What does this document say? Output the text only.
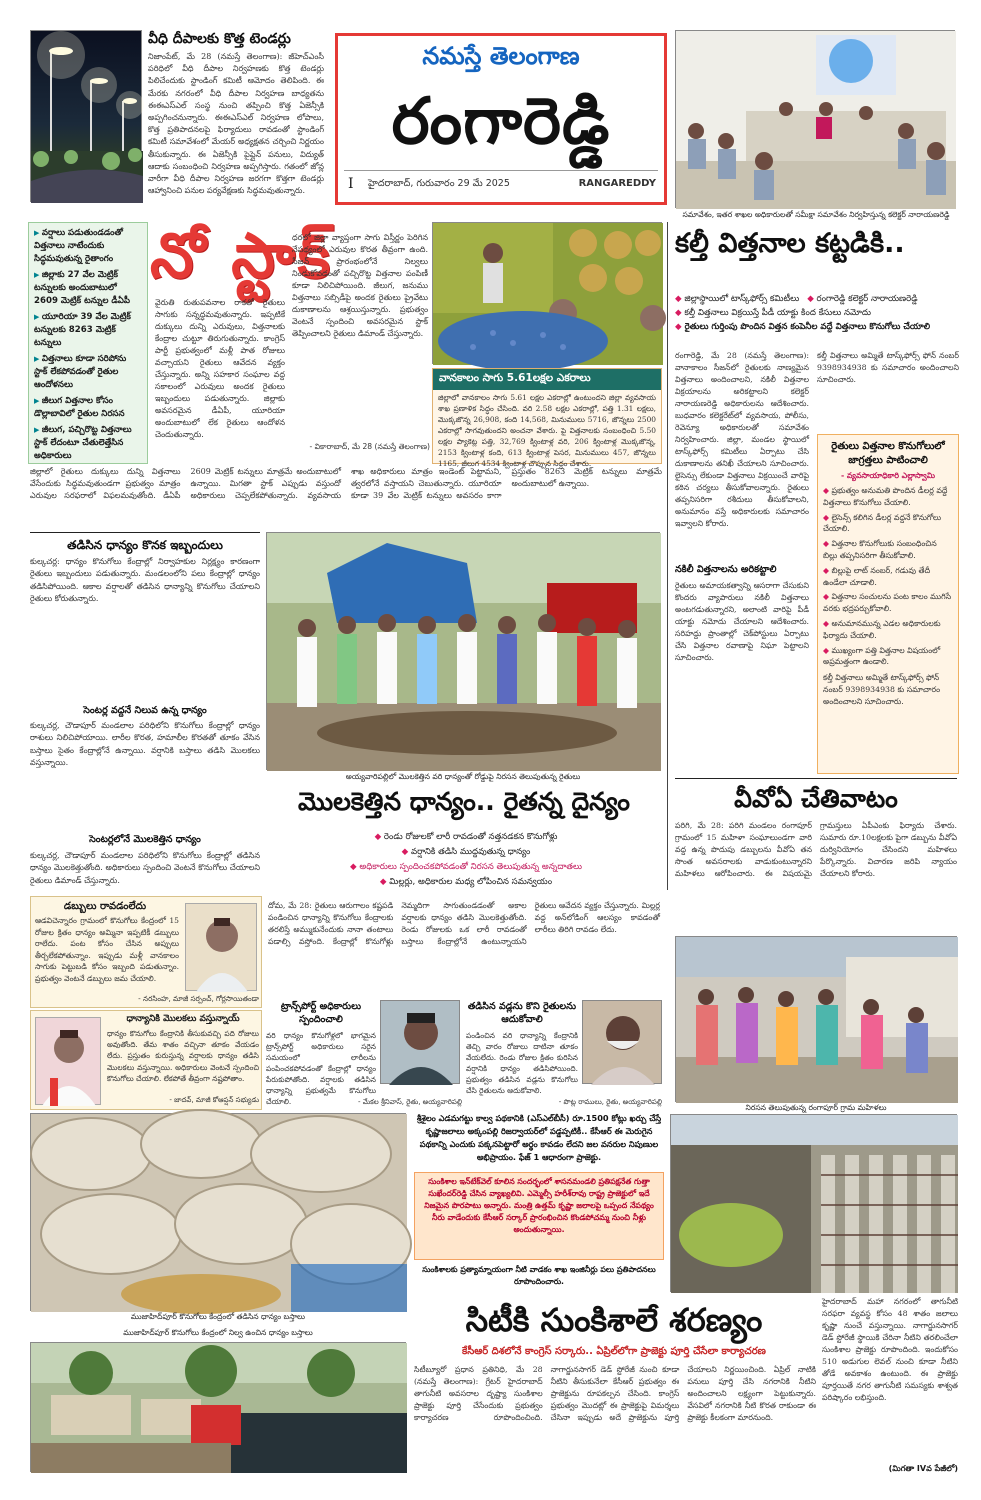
వీధి దీపాలకు కొత్త టెండర్లు
నిజాంపేట్, మే 28 (నమస్తే తెలంగాణ): జీహెచ్ఎంసీ పరిధిలో వీధి దీపాల నిర్వహణకు కొత్త టెండర్లు పిలిచేందుకు స్టాండింగ్ కమిటీ ఆమోదం తెలిపింది. ఈ మేరకు నగరంలో వీధి దీపాల నిర్వహణ బాధ్యతను ఈఈఎస్ఎల్ సంస్థ నుంచి తప్పించి కొత్త ఏజెన్సీకి అప్పగించనున్నారు. ఈఈఎస్ఎల్ నిర్వహణ లోపాలు, కొత్త ప్రతిపాదనలపై ఫిర్యాదులు రావడంతో స్టాండింగ్ కమిటీ సమావేశంలో మేయర్ అధ్యక్షతన చర్చించి నిర్ణయం తీసుకున్నారు. ఈ ఏజెన్సీకి పైప్లైన్ పనులు, విద్యుత్ ఆదాకు సంబంధించి నిర్వహణ అప్పగిస్తారు. గతంలో జోన్ల వారీగా వీధి దీపాల నిర్వహణ జరగగా కొత్తగా టెండర్లు ఆహ్వానించి పనుల పర్యవేక్షణకు సిద్ధమవుతున్నారు.
నమస్తే తెలంగాణ
రంగారెడ్డి
I హైదరాబాద్, గురువారం 29 మే 2025	RANGAREDDY
సమావేశం, ఇతర శాఖల అధికారులతో సమీక్షా సమావేశం నిర్వహిస్తున్న కలెక్టర్ నారాయణరెడ్డి
▶ వర్షాలు పడుతుండడంతో విత్తనాలు నాటేందుకు సిద్ధమవుతున్న రైతాంగం
▶ జిల్లాకు 27 వేల మెట్రిక్ టన్నులకు అందుబాటులో 2609 మెట్రిక్ టన్నుల డీఏపీ
▶ యూరియా 39 వేల మెట్రిక్ టన్నులకు 8263 మెట్రిక్ టన్నులు
▶ విత్తనాలు కూడా సరిపోను స్టాక్ లేకపోవడంతో రైతుల ఆందోళనలు
▶ జీలుగ విత్తనాల కోసం డొల్లాబావిలో రైతుల నిరసన
▶ జీలుగ, పచ్చిరొట్ట విత్తనాలు స్టాక్ లేదంటూ చేతులెత్తేసిన అధికారులు
నో స్టాక్
వైరుతి రుతుపవనాల రాకతో రైతులు సాగుకు సన్నద్ధమవుతున్నారు. ఇప్పటికే దుక్కులు దున్ని ఎరువులు, విత్తనాలకు కేంద్రాల చుట్టూ తిరుగుతున్నారు. కాంగ్రెస్ పార్టీ ప్రభుత్వంలో మళ్లీ పాత రోజులు వచ్చాయని రైతులు ఆవేదన వ్యక్తం చేస్తున్నారు. అన్ని సహకార సంఘాల వద్ద సకాలంలో ఎరువులు అందక రైతులు ఇబ్బందులు పడుతున్నారు. జిల్లాకు అవసరమైన డీఏపీ, యూరియా అందుబాటులో లేక రైతులు ఆందోళన చెందుతున్నారు.
ధరలో జిల్లా వ్యాప్తంగా సాగు విస్తీర్ణం పెరిగిన నేపథ్యంలో ఎరువుల కొరత తీవ్రంగా ఉంది. సీజన్ ప్రారంభంలోనే నిల్వలు నిండుకోవడంతో పచ్చిరొట్ట విత్తనాల పంపిణీ కూడా నిలిచిపోయింది. జీలుగ, జనుము విత్తనాలు సబ్సిడీపై అందక రైతులు ప్రైవేటు దుకాణాలను ఆశ్రయిస్తున్నారు. ప్రభుత్వం వెంటనే స్పందించి అవసరమైన స్టాక్ తెప్పించాలని రైతులు డిమాండ్ చేస్తున్నారు.
- వికారాబాద్, మే 28 (నమస్తే తెలంగాణ)
వానకాలం సాగు 5.61లక్షల ఎకరాలు
జిల్లాలో వానకాలం సాగు 5.61 లక్షల ఎకరాల్లో ఉంటుందని జిల్లా వ్యవసాయ శాఖ ప్రణాళిక సిద్ధం చేసింది. వరి 2.58 లక్షల ఎకరాల్లో, పత్తి 1.31 లక్షలు, మొక్కజొన్న 26,908, కంది 14,568, మినుములు 5716, జొన్నలు 2500 ఎకరాల్లో సాగవుతుందని అంచనా వేశారు. పై విత్తనాలకు సంబంధించి 5.50 లక్షల ప్యాకెట్ల పత్తి, 32,769 క్వింటాళ్ల వరి, 206 క్వింటాళ్ల మొక్కజొన్న, 2153 క్వింటాళ్ల కంది, 613 క్వింటాళ్ల పెసర, మినుములు 457, జొన్నలు 1165, జీలుగ 4534 క్వింటాళ్ల చొప్పున సిద్ధం చేశారు.
జిల్లాలో రైతులు దుక్కులు దున్ని విత్తనాలు వేసేందుకు సిద్ధమవుతుండగా ప్రభుత్వం మాత్రం ఎరువుల సరఫరాలో విఫలమవుతోంది. డీఏపీ 2609 మెట్రిక్ టన్నులు మాత్రమే అందుబాటులో ఉన్నాయి. మిగతా స్టాక్ ఎప్పుడు వస్తుందో అధికారులు చెప్పలేకపోతున్నారు. వ్యవసాయ శాఖ అధికారులు మాత్రం ఇండెంట్ పెట్టామని, త్వరలోనే వస్తాయని చెబుతున్నారు. యూరియా కూడా 39 వేల మెట్రిక్ టన్నులు అవసరం కాగా ప్రస్తుతం 8263 మెట్రిక్ టన్నులు మాత్రమే అందుబాటులో ఉన్నాయి.
కల్తీ విత్తనాల కట్టడికి..
◆ జిల్లాస్థాయిలో టాస్క్‌ఫోర్స్ కమిటీలు
◆	రంగారెడ్డి కలెక్టర్ నారాయణరెడ్డి
◆ కల్తీ విత్తనాలు విక్రయిస్తే పీడీ యాక్టు కింద కేసులు నమోదు
◆ రైతులు గుర్తింపు పొందిన విత్తన కంపెనీల వద్దే విత్తనాలు కొనుగోలు చేయాలి
రంగారెడ్డి, మే 28 (నమస్తే తెలంగాణ): వానాకాలం సీజన్‌లో రైతులకు నాణ్యమైన విత్తనాలు అందించాలని, నకిలీ విత్తనాల విక్రయాలను అరికట్టాలని కలెక్టర్ నారాయణరెడ్డి అధికారులను ఆదేశించారు. బుధవారం కలెక్టరేట్‌లో వ్యవసాయ, పోలీసు, రెవెన్యూ అధికారులతో సమావేశం నిర్వహించారు. జిల్లా, మండల స్థాయిలో టాస్క్‌ఫోర్స్ కమిటీలు ఏర్పాటు చేసి దుకాణాలను తనిఖీ చేయాలని సూచించారు. లైసెన్సు లేకుండా విత్తనాలు విక్రయించే వారిపై కఠిన చర్యలు తీసుకోవాలన్నారు. రైతులు తప్పనిసరిగా రశీదులు తీసుకోవాలని, అనుమానం వస్తే అధికారులకు సమాచారం ఇవ్వాలని కోరారు.
నకిలీ విత్తనాలను అరికట్టాలి
రైతులు అమాయకత్వాన్ని ఆసరాగా చేసుకుని కొందరు వ్యాపారులు నకిలీ విత్తనాలు అంటగడుతున్నారని, అలాంటి వారిపై పీడీ యాక్టు నమోదు చేయాలని ఆదేశించారు. సరిహద్దు ప్రాంతాల్లో చెక్‌పోస్టులు ఏర్పాటు చేసి విత్తనాల రవాణాపై నిఘా పెట్టాలని సూచించారు.
కల్తీ విత్తనాలు అమ్మితే టాస్క్‌ఫోర్స్ ఫోన్ నంబర్ 9398934938 కు సమాచారం అందించాలని సూచించారు.
రైతులు విత్తనాల కొనుగోలులో జాగ్రత్తలు పాటించాలి
- వ్యవసాయాధికారి ఎల్లాస్వామి
◆ ప్రభుత్వం అనుమతి పొందిన డీలర్ల వద్దే విత్తనాలు కొనుగోలు చేయాలి.
◆ లైసెన్స్ కలిగిన డీలర్ల వద్దనే కొనుగోలు చేయాలి.
◆ విత్తనాల కొనుగోలుకు సంబంధించిన బిల్లు తప్పనిసరిగా తీసుకోవాలి.
◆ బిల్లుపై లాట్ నంబర్, గడువు తేదీ ఉండేలా చూడాలి.
◆ విత్తనాల సంచులను పంట కాలం ముగిసే వరకు భద్రపర్చుకోవాలి.
◆ అనుమానమున్న ఎడల అధికారులకు ఫిర్యాదు చేయాలి.
◆ ముఖ్యంగా పత్తి విత్తనాల విషయంలో అప్రమత్తంగా ఉండాలి.
కల్తీ విత్తనాలు అమ్మితే టాస్క్‌ఫోర్స్ ఫోన్ నంబర్ 9398934938 కు సమాచారం అందించాలని సూచించారు.
వీవోఏ చేతివాటం
పరిగి, మే 28: పరిగి మండలం రంగాపూర్ గ్రామంలో 15 మహిళా సంఘాలుండగా వారి వద్ద ఉన్న పొదుపు డబ్బులను వీవోఏ తన సొంత అవసరాలకు వాడుకుంటున్నారని మహిళలు ఆరోపించారు. ఈ విషయమై గ్రామస్తులు ఏపీఎంకు ఫిర్యాదు చేశారు. సుమారు రూ.10లక్షలకు పైగా డబ్బును వీవోఏ దుర్వినియోగం చేసిందని మహిళలు పేర్కొన్నారు. విచారణ జరిపి న్యాయం చేయాలని కోరారు.
నిరసన తెలుపుతున్న రంగాపూర్ గ్రామ మహిళలు
తడిసిన ధాన్యం కొనక ఇబ్బందులు
కుల్కచర్ల: ధాన్యం కొనుగోలు కేంద్రాల్లో నిర్వాహకుల నిర్లక్ష్యం కారణంగా రైతులు ఇబ్బందులు పడుతున్నారు. మండలంలోని పలు కేంద్రాల్లో ధాన్యం తడిసిపోయింది. ఆకాల వర్షాలతో తడిసిన ధాన్యాన్ని కొనుగోలు చేయాలని రైతులు కోరుతున్నారు.
సెంటర్ల వద్దనే నిలువ ఉన్న ధాన్యం
కుల్కచర్ల, చౌడాపూర్ మండలాల పరిధిలోని కొనుగోలు కేంద్రాల్లో ధాన్యం రాశులు నిలిచిపోయాయి. లారీల కొరత, హమాలీల కొరతతో తూకం వేసిన బస్తాలు సైతం కేంద్రాల్లోనే ఉన్నాయి. వర్షానికి బస్తాలు తడిసి మొలకలు వస్తున్నాయి.
సెంటర్లలోనే మొలకెత్తిన ధాన్యం
కుల్కచర్ల, చౌడాపూర్ మండలాల పరిధిలోని కొనుగోలు కేంద్రాల్లో తడిసిన ధాన్యం మొలకెత్తుతోంది. అధికారులు స్పందించి వెంటనే కొనుగోలు చేయాలని రైతులు డిమాండ్ చేస్తున్నారు.
డబ్బులు రావడంలేదు
ఆడవిచెన్నారం గ్రామంలో కొనుగోలు కేంద్రంలో 15 రోజుల క్రితం ధాన్యం అమ్మినా ఇప్పటికీ డబ్బులు రాలేదు. పంట కోసం చేసిన అప్పులు తీర్చలేకపోతున్నాం. ఇప్పుడు మళ్లీ వానకాలం సాగుకు పెట్టుబడి కోసం ఇబ్బంది పడుతున్నాం. ప్రభుత్వం వెంటనే డబ్బులు జమ చేయాలి.
- నరసింహ, మాజీ సర్పంచ్, గోర్లసాయితండా
ధాన్యానికి మొలకలు వస్తున్నాయ్
ధాన్యం కొనుగోలు కేంద్రానికి తీసుకువచ్చి పది రోజులు అవుతోంది. తేమ శాతం వచ్చినా తూకం వేయడం లేదు. ప్రస్తుతం కురుస్తున్న వర్షాలకు ధాన్యం తడిసి మొలకలు వస్తున్నాయి. అధికారులు వెంటనే స్పందించి కొనుగోలు చేయాలి. లేకపోతే తీవ్రంగా నష్టపోతాం.
- జాదవ్, మాజీ కోఆప్షన్ సభ్యుడు
అయ్యవారిపల్లిలో మొలకెత్తిన వరి ధాన్యంతో రోడ్డుపై నిరసన తెలుపుతున్న రైతులు
మొలకెత్తిన ధాన్యం.. రైతన్న దైన్యం
◆ రెండు రోజులకో లారీ రావడంతో నత్తనడకన కొనుగోళ్లు
◆ వర్షానికి తడిసి ముద్దవుతున్న ధాన్యం
◆ అధికారులు స్పందించకపోవడంతో నిరసన తెలుపుతున్న అన్నదాతలు
◆ మిల్లర్లు, అధికారుల మధ్య లోపించిన సమన్వయం
దోమ, మే 28: రైతులు ఆరుగాలం కష్టపడి పండించిన ధాన్యాన్ని కొనుగోలు కేంద్రాలకు తరలిస్తే అమ్ముకునేందుకు నానా తంటాలు పడాల్సి వస్తోంది. కేంద్రాల్లో కొనుగోళ్లు నెమ్మదిగా సాగుతుండడంతో అకాల వర్షాలకు ధాన్యం తడిసి మొలకెత్తుతోంది. రెండు రోజులకు ఒక లారీ రావడంతో బస్తాలు కేంద్రాల్లోనే ఉంటున్నాయని రైతులు ఆవేదన వ్యక్తం చేస్తున్నారు. మిల్లర్ల వద్ద అన్‌లోడింగ్ ఆలస్యం కావడంతో లారీలు తిరిగి రావడం లేదు.
ట్రాన్స్‌పోర్ట్ అధికారులు స్పందించాలి
వరి ధాన్యం కొనుగోళ్లలో భాగమైన ట్రాన్స్‌పోర్ట్ అధికారులు సరైన సమయంలో లారీలను పంపించకపోవడంతో కేంద్రాల్లో ధాన్యం పేరుకుపోతోంది. వర్షాలకు తడిసిన ధాన్యాన్ని ప్రభుత్వమే కొనుగోలు చేయాలి.	- మేకల శ్రీనివాస్, రైతు, అయ్యవారిపల్లి
తడిసిన వడ్లను కొని రైతులను ఆదుకోవాలి
పండించిన వరి ధాన్యాన్ని కేంద్రానికి తెచ్చి వారం రోజులు దాటినా తూకం వేయలేదు. రెండు రోజుల క్రితం కురిసిన వర్షానికి ధాన్యం తడిసిపోయింది. ప్రభుత్వం తడిసిన వడ్లను కొనుగోలు చేసి రైతులను ఆదుకోవాలి.
- పొట్ల రాములు, రైతు, అయ్యవారిపల్లి
ముజాహిద్‌పూర్ కొనుగోలు కేంద్రంలో తడిసిన ధాన్యం బస్తాలు
ముజాహిద్‌పూర్ కొనుగోలు కేంద్రంలో నిల్వ ఉంచిన ధాన్యం బస్తాలు
శ్రీశైలం ఎడమగట్టు కాల్వ పథకానికి (ఎస్‌ఎల్‌బీసీ) రూ.1500 కోట్లు ఖర్చు చేస్తే కృష్ణాజలాలు అక్కంపల్లి రిజర్వాయర్‌లో పడ్డప్పటికీ.. కేసీఆర్ ఈ మెరుగైన పథకాన్ని ఎందుకు పక్కనపెట్టారో అర్థం కావడం లేదని జల వనరుల నిపుణుల అభిప్రాయం. ఫేజ్ 1 ఆధారంగా ప్రాజెక్టు.
సుంకిశాల ఇన్‌టేక్‌వెల్ కూలిన సందర్భంలో శాసనమండలి ప్రతిపక్షనేత గుత్తా సుఖేందర్‌రెడ్డి చేసిన వ్యాఖ్యలివి. ఎమ్మెల్సీ హరీశ్‌రావు రాష్ట్ర ప్రాజెక్టులో ఇదే నిజమైన పొరపాటు అన్నారు. మంత్రి ఉత్తమ్ కృష్ణా జలాలపై ఒప్పంద నేపథ్యం నీరు వాడేందుకు కేసీఆర్ సర్కార్ ప్రారంభించిన కొండపోచమ్మ నుంచి నీళ్లు అందుతున్నాయి.
సుంకిశాలకు ప్రత్యామ్నాయంగా నీటి వాడకం శాఖ ఇంజినీర్లు పలు ప్రతిపాదనలు రూపొందించారు.
సిటీకి సుంకిశాలే శరణ్యం
కేసీఆర్ దిశలోనే కాంగ్రెస్ సర్కారు.. ఏప్రిల్‌లోగా ప్రాజెక్టు పూర్తి చేసేలా కార్యాచరణ
సిటీబ్యూరో ప్రధాన ప్రతినిధి, మే 28 (నమస్తే తెలంగాణ): గ్రేటర్ హైదరాబాద్ తాగునీటి అవసరాల దృష్ట్యా సుంకిశాల ప్రాజెక్టు పూర్తి చేసేందుకు ప్రభుత్వం కార్యాచరణ రూపొందించింది. నాగార్జునసాగర్ డెడ్ స్టోరేజీ నుంచి కూడా నీటిని తీసుకునేలా కేసీఆర్ ప్రభుత్వం ఈ ప్రాజెక్టును రూపకల్పన చేసింది. కాంగ్రెస్ ప్రభుత్వం మొదట్లో ఈ ప్రాజెక్టుపై విమర్శలు చేసినా ఇప్పుడు అదే ప్రాజెక్టును పూర్తి చేయాలని నిర్ణయించింది. ఏప్రిల్ నాటికి పనులు పూర్తి చేసి నగరానికి నీటిని అందించాలని లక్ష్యంగా పెట్టుకున్నారు. వేసవిలో నగరానికి నీటి కొరత రాకుండా ఈ ప్రాజెక్టు కీలకంగా మారనుంది.
హైదరాబాద్ మహా నగరంలో తాగునీటి సరఫరా వ్యవస్థ కోసం 48 శాతం జలాలు కృష్ణా నుంచే వస్తున్నాయి. నాగార్జునసాగర్ డెడ్ స్టోరేజీ స్థాయికి చేరినా నీటిని తరలించేలా సుంకిశాల ప్రాజెక్టు రూపొందింది. ఇందుకోసం 510 అడుగుల లెవల్ నుంచి కూడా నీటిని తోడే అవకాశం ఉంటుంది. ఈ ప్రాజెక్టు పూర్తయితే నగర తాగునీటి సమస్యకు శాశ్వత పరిష్కారం లభిస్తుంది.
(మిగతా IVవ పేజీలో)
